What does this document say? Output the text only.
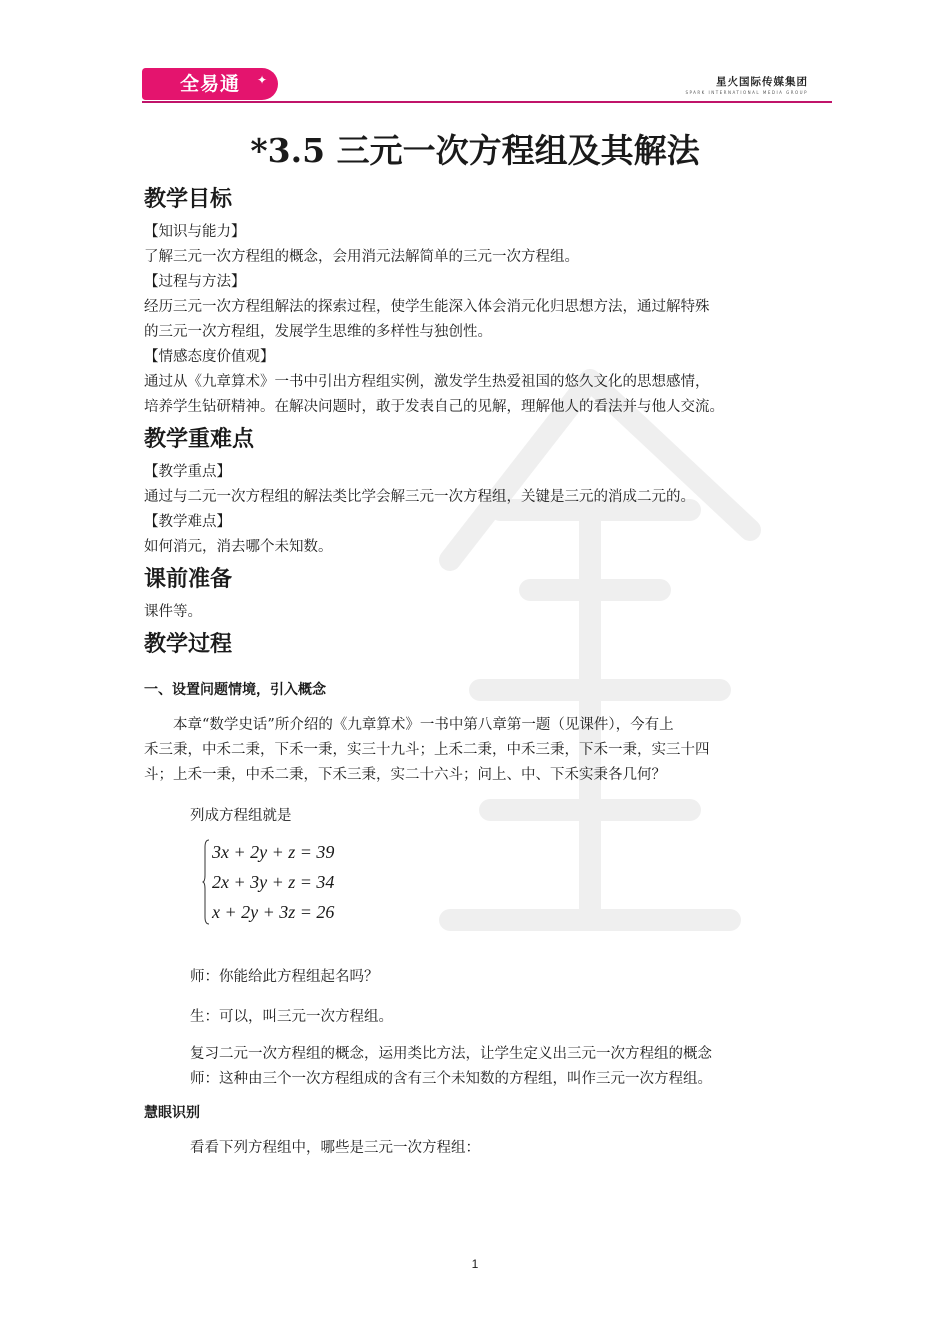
全易通 ✦	星火国际传媒集团
SPARK INTERNATIONAL MEDIA GROUP
*3.5 三元一次方程组及其解法
教学目标

【知识与能力】

了解三元一次方程组的概念，会用消元法解简单的三元一次方程组。

【过程与方法】

经历三元一次方程组解法的探索过程，使学生能深入体会消元化归思想方法，通过解特殊

的三元一次方程组，发展学生思维的多样性与独创性。

【情感态度价值观】

通过从《九章算术》一书中引出方程组实例，激发学生热爱祖国的悠久文化的思想感情，

培养学生钻研精神。在解决问题时，敢于发表自己的见解，理解他人的看法并与他人交流。

教学重难点

【教学重点】

通过与二元一次方程组的解法类比学会解三元一次方程组，关键是三元的消成二元的。

【教学难点】

如何消元，消去哪个未知数。

课前准备

课件等。

教学过程
一、设置问题情境，引入概念

本章“数学史话”所介绍的《九章算术》一书中第八章第一题（见课件），今有上

禾三秉，中禾二秉，下禾一秉，实三十九斗；上禾二秉，中禾三秉，下禾一秉，实三十四

斗；上禾一秉，中禾二秉，下禾三秉，实二十六斗；问上、中、下禾实秉各几何？

列成方程组就是

3x + 2y + z = 39
2x + 3y + z = 34
x + 2y + 3z = 26

师：你能给此方程组起名吗？

生：可以，叫三元一次方程组。

复习二元一次方程组的概念，运用类比方法，让学生定义出三元一次方程组的概念

师：这种由三个一次方程组成的含有三个未知数的方程组，叫作三元一次方程组。

慧眼识别

看看下列方程组中，哪些是三元一次方程组：

1
